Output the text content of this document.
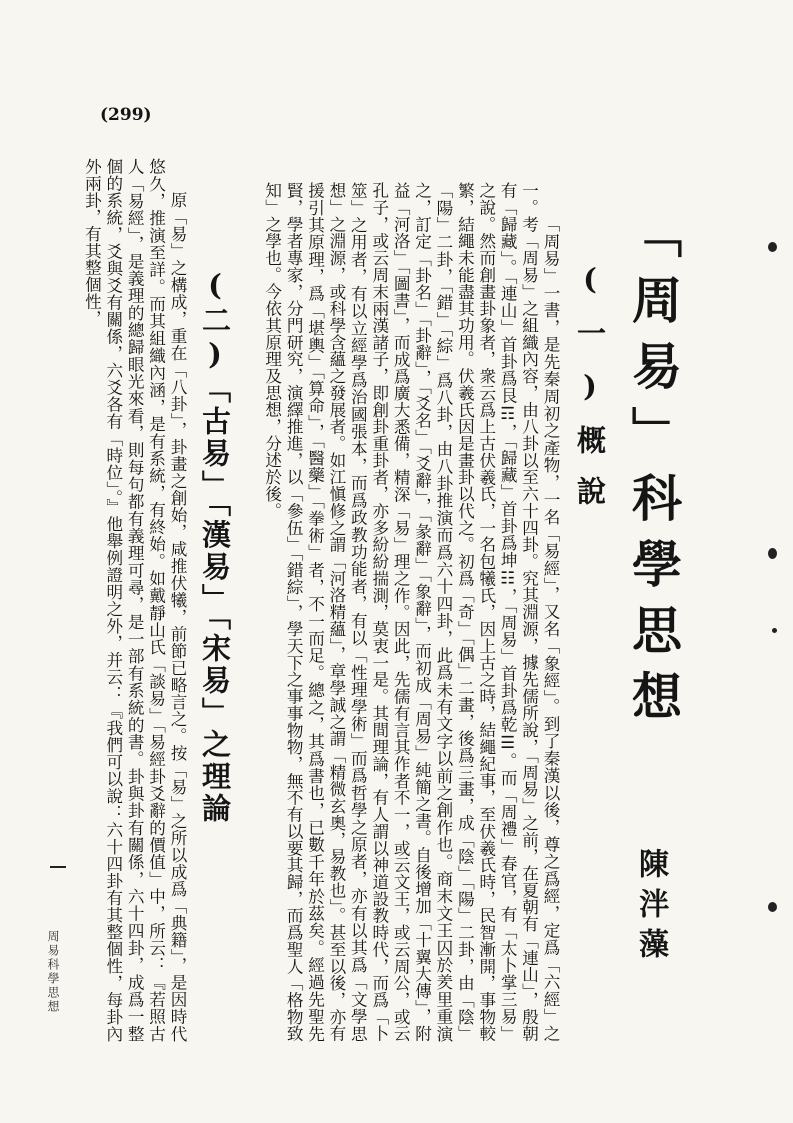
(299)
「周易」科學思想
陳泮藻
(一)概說

「周易」一書，是先秦周初之產物，一名「易經」，又名「象經」。到了秦漢以後，尊之爲經，定爲「六經」之一。考「周易」之組織內容，由八卦以至六十四卦。究其淵源，據先儒所說，「周易」之前，在夏朝有「連山」，殷朝有「歸藏」。「連山」首卦爲艮☶，「歸藏」首卦爲坤☷，「周易」首卦爲乾☰。而「周禮」春官，有「太卜掌三易」之說。然而創畫卦象者，衆云爲上古伏羲氏，一名包犧氏，因上古之時，結繩紀事，至伏羲氏時，民智漸開，事物較繁，結繩未能盡其功用。伏羲氏因是畫卦以代之。初爲「奇」「偶」二畫，後爲三畫，成「陰」「陽」二卦，由「陰」「陽」二卦，「錯」「綜」爲八卦，由八卦推演而爲六十四卦，此爲未有文字以前之創作也。商末文王囚於羑里重演之，訂定「卦名」「卦辭」，「爻名」「爻辭」，「彖辭」「象辭」，而初成「周易」純簡之書。自後增加「十翼大傳」，附益「河洛」「圖書」，而成爲廣大悉備，精深「易」理之作。因此，先儒有言其作者不一，或云文王，或云周公，或云孔子，或云周末兩漢諸子，即創卦重卦者，亦多紛紛揣測，莫衷一是。其間理論，有人謂以神道設教時代，而爲「卜筮」之用者，有以立經學爲治國張本，而爲政教功能者，有以「性理學術」而爲哲學之原者，亦有以其爲「文學思想」之淵源，或科學含蘊之發展者。如江愼修之謂「河洛精蘊」，章學誠之謂「精微玄奧，易教也」。甚至以後，亦有援引其原理，爲「堪輿」「算命」，「醫藥」「拳術」者，不一而足。總之，其爲書也，已數千年於茲矣。經過先聖先賢，學者專家，分門研究，演繹推進，以「參伍」「錯綜」，學天下之事事物物，無不有以要其歸，而爲聖人「格物致知」之學也。今依其原理及思想，分述於後。

(二)「古易」「漢易」「宋易」之理論

原「易」之構成，重在「八卦」，卦畫之創始，咸推伏犧，前節已略言之。按「易」之所以成爲「典籍」，是因時代悠久，推演至詳。而其組織內涵，是有系統，有終始。如戴靜山氏「談易」「易經卦爻辭的價值」中，所云：『若照古人「易經」，是義理的總歸眼光來看，則每句都有義理可尋，是一部有系統的書。卦與卦有關係，六十四卦，成爲一整個的系統，爻與爻有關係，六爻各有「時位」。』他舉例證明之外，并云：『我們可以說：六十四卦有其整個性，每卦內外兩卦，有其整個性，

周易科學思想
